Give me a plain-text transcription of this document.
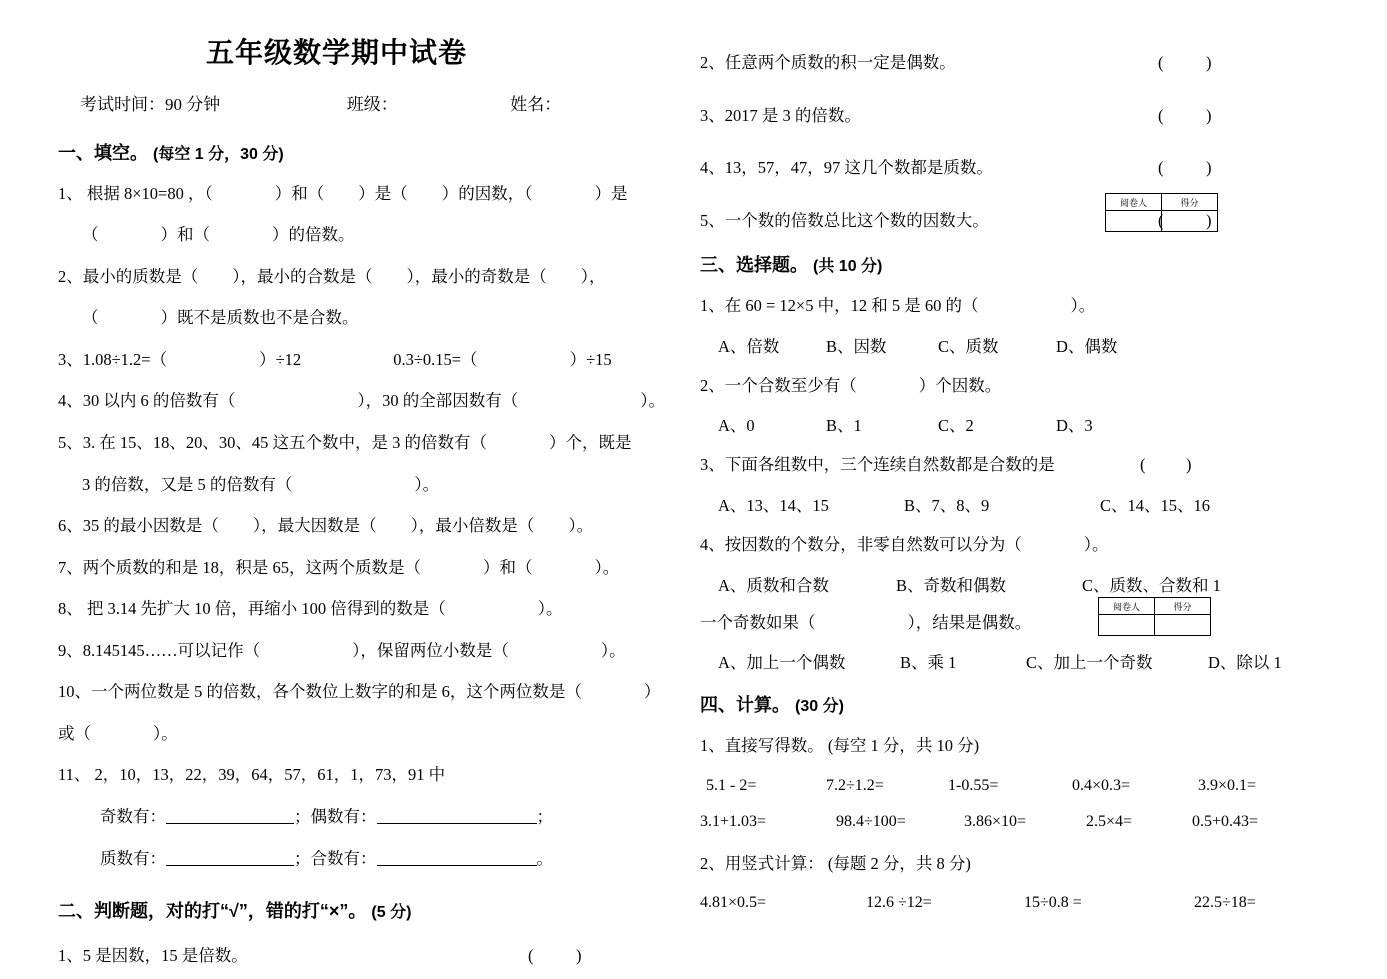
五年级数学期中试卷
考试时间：90 分钟	班级：	姓名：
一、填空。 (每空 1 分，30 分)
1、 根据 8×10=80 ，（	）和（ ）是（ ）的因数，（	）是
（	）和（	）的倍数。
2、最小的质数是（ ），最小的合数是（ ），最小的奇数是（ ），
（	）既不是质数也不是合数。
3、1.08÷1.2=（	）÷12	0.3÷0.15=（	）÷15
4、30 以内 6 的倍数有（	），30 的全部因数有（	）。
5、3. 在 15、18、20、30、45 这五个数中，是 3 的倍数有（	）个，既是
3 的倍数，又是 5 的倍数有（	）。
6、35 的最小因数是（ ），最大因数是（ ），最小倍数是（ ）。
7、两个质数的和是 18，积是 65，这两个质数是（	）和（	）。
8、 把 3.14 先扩大 10 倍，再缩小 100 倍得到的数是（	）。
9、8.145145……可以记作（	），保留两位小数是（	）。
10、一个两位数是 5 的倍数，各个数位上数字的和是 6，这个两位数是（	）
或（	）。
11、 2，10，13，22，39，64，57，61，1，73，91 中
奇数有：	；偶数有：	；
质数有：	；合数有：	。
二、判断题，对的打“√”，错的打“×”。 (5 分)
1、5 是因数，15 是倍数。	(	)
2、任意两个质数的积一定是偶数。	(	)
3、2017 是 3 的倍数。	(	)
4、13，57，47，97 这几个数都是质数。	(	)
5、一个数的倍数总比这个数的因数大。	(	)
三、选择题。 (共 10 分)
1、在 60 = 12×5 中，12 和 5 是 60 的（	）。
A、倍数	B、因数	C、质数	D、偶数
2、一个合数至少有（	）个因数。
A、0	B、1	C、2	D、3
3、下面各组数中，三个连续自然数都是合数的是	( )
A、13、14、15	B、7、8、9	C、14、15、16
4、按因数的个数分，非零自然数可以分为（	）。
A、质数和合数	B、奇数和偶数	C、质数、合数和 1
一个奇数如果（	），结果是偶数。
A、加上一个偶数	B、乘 1	C、加上一个奇数	D、除以 1
四、计算。 (30 分)
1、直接写得数。 (每空 1 分，共 10 分)
5.1 - 2=	7.2÷1.2=	1-0.55=	0.4×0.3=	3.9×0.1=
3.1+1.03=	98.4÷100=	3.86×10=	2.5×4=	0.5+0.43=
2、用竖式计算： (每题 2 分，共 8 分)
4.81×0.5=	12.6 ÷12=	15÷0.8 =	22.5÷18=
阅卷人	得分

阅卷人	得分
